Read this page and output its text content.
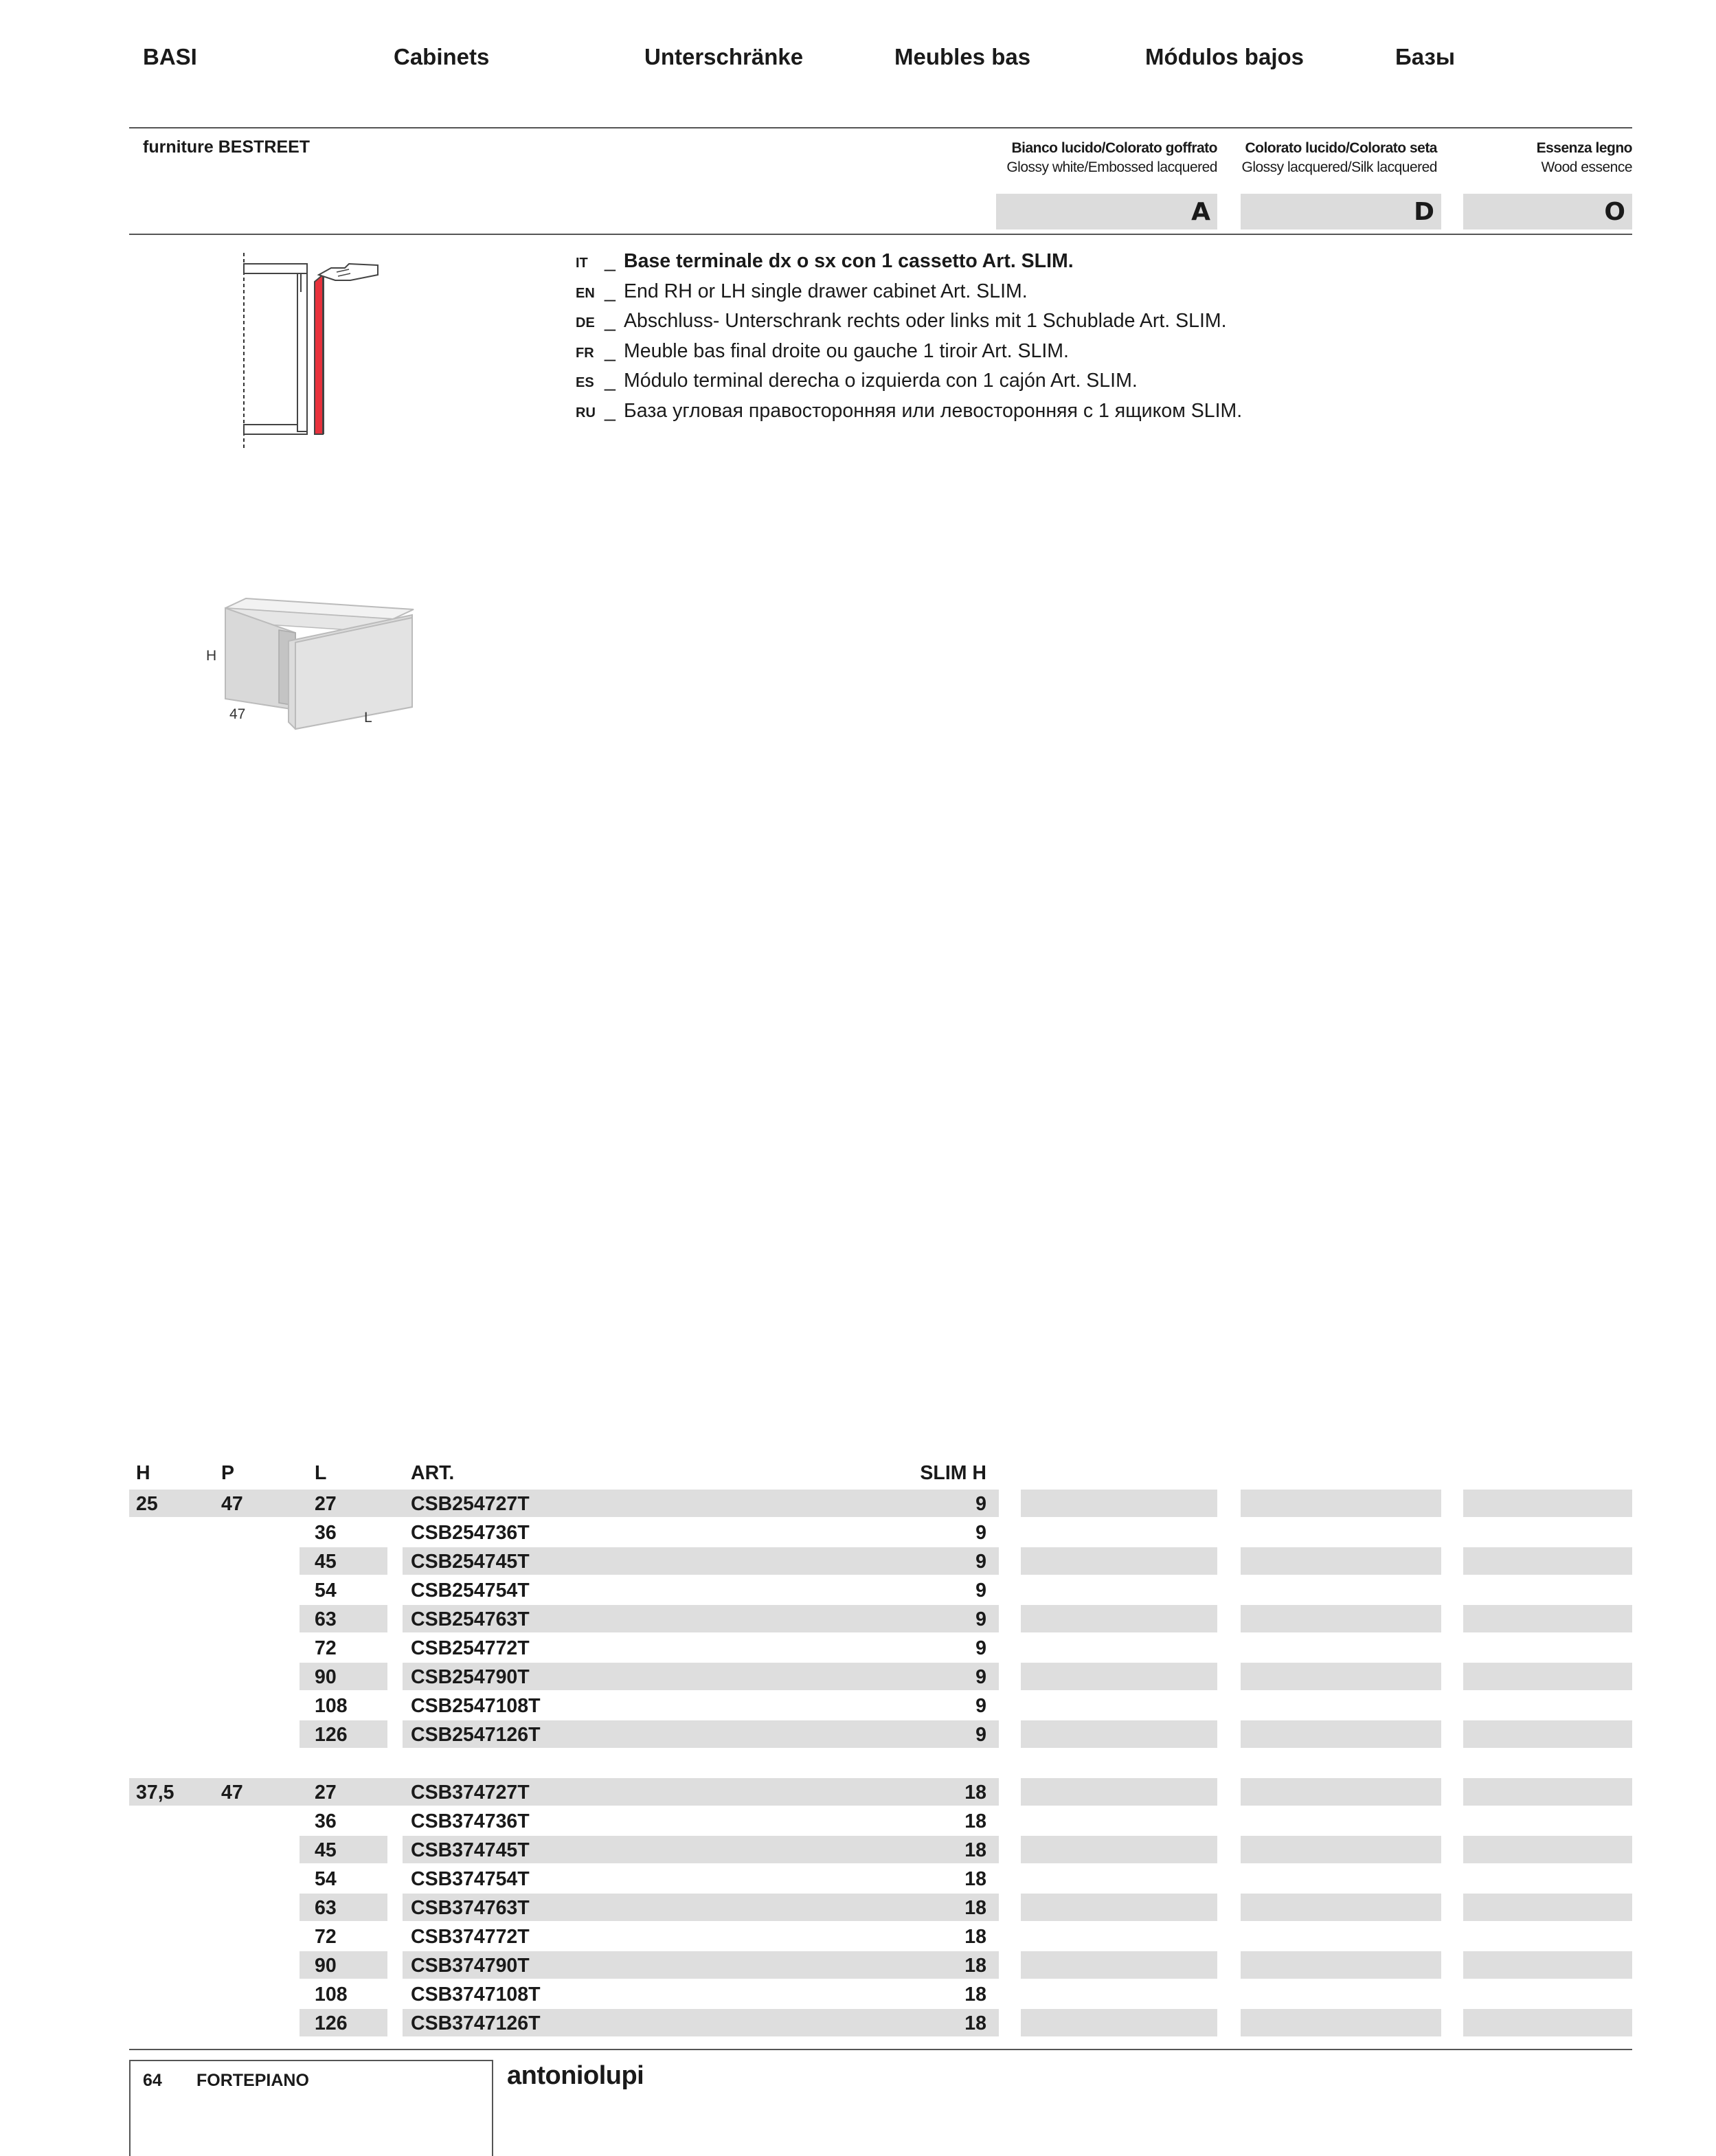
BASI	Cabinets	Unterschränke	Meubles bas	Módulos bajos	Базы
furniture BESTREET	Bianco lucido/Colorato goffrato
Glossy white/Embossed lacquered
Colorato lucido/Colorato seta
Glossy lacquered/Silk lacquered
Essenza legno
Wood essence
A	D	O
IT _ Base terminale dx o sx con 1 cassetto Art. SLIM.
EN _ End RH or LH single drawer cabinet Art. SLIM.
DE _ Abschluss- Unterschrank rechts oder links mit 1 Schublade Art. SLIM.
FR _ Meuble bas final droite ou gauche 1 tiroir Art. SLIM.
ES _ Módulo terminal derecha o izquierda con 1 cajón Art. SLIM.
RU _ База угловая правосторонняя или левосторонняя с 1 ящиком SLIM.
H
47	L
H	P	L	ART.	SLIM H
25	47	27	CSB254727T	9
36	CSB254736T	9
45	CSB254745T	9
54	CSB254754T	9
63	CSB254763T	9
72	CSB254772T	9
90	CSB254790T	9
108	CSB2547108T	9
126	CSB2547126T	9
37,5 47	27	CSB374727T	18
36	CSB374736T	18
45	CSB374745T	18
54	CSB374754T	18
63	CSB374763T	18
72	CSB374772T	18
90	CSB374790T	18
108	CSB3747108T	18
126	CSB3747126T	18
64 FORTEPIANO	antoniolupi
